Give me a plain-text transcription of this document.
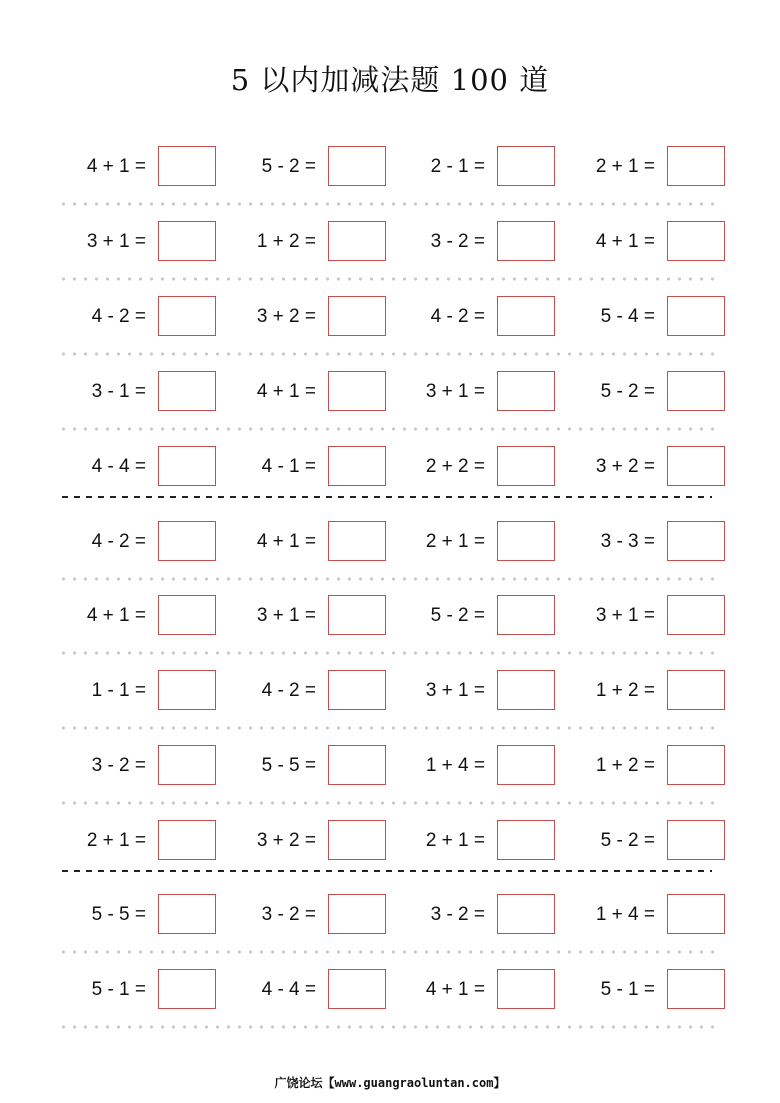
5 以内加减法题 100 道
4 + 1 =	5 - 2 =	2 - 1 =	2 + 1 =
3 + 1 =	1 + 2 =	3 - 2 =	4 + 1 =
4 - 2 =	3 + 2 =	4 - 2 =	5 - 4 =
3 - 1 =	4 + 1 =	3 + 1 =	5 - 2 =
4 - 4 =	4 - 1 =	2 + 2 =	3 + 2 =
4 - 2 =	4 + 1 =	2 + 1 =	3 - 3 =
4 + 1 =	3 + 1 =	5 - 2 =	3 + 1 =
1 - 1 =	4 - 2 =	3 + 1 =	1 + 2 =
3 - 2 =	5 - 5 =	1 + 4 =	1 + 2 =
2 + 1 =	3 + 2 =	2 + 1 =	5 - 2 =
5 - 5 =	3 - 2 =	3 - 2 =	1 + 4 =
5 - 1 =	4 - 4 =	4 + 1 =	5 - 1 =
广饶论坛【www.guangraoluntan.com】
